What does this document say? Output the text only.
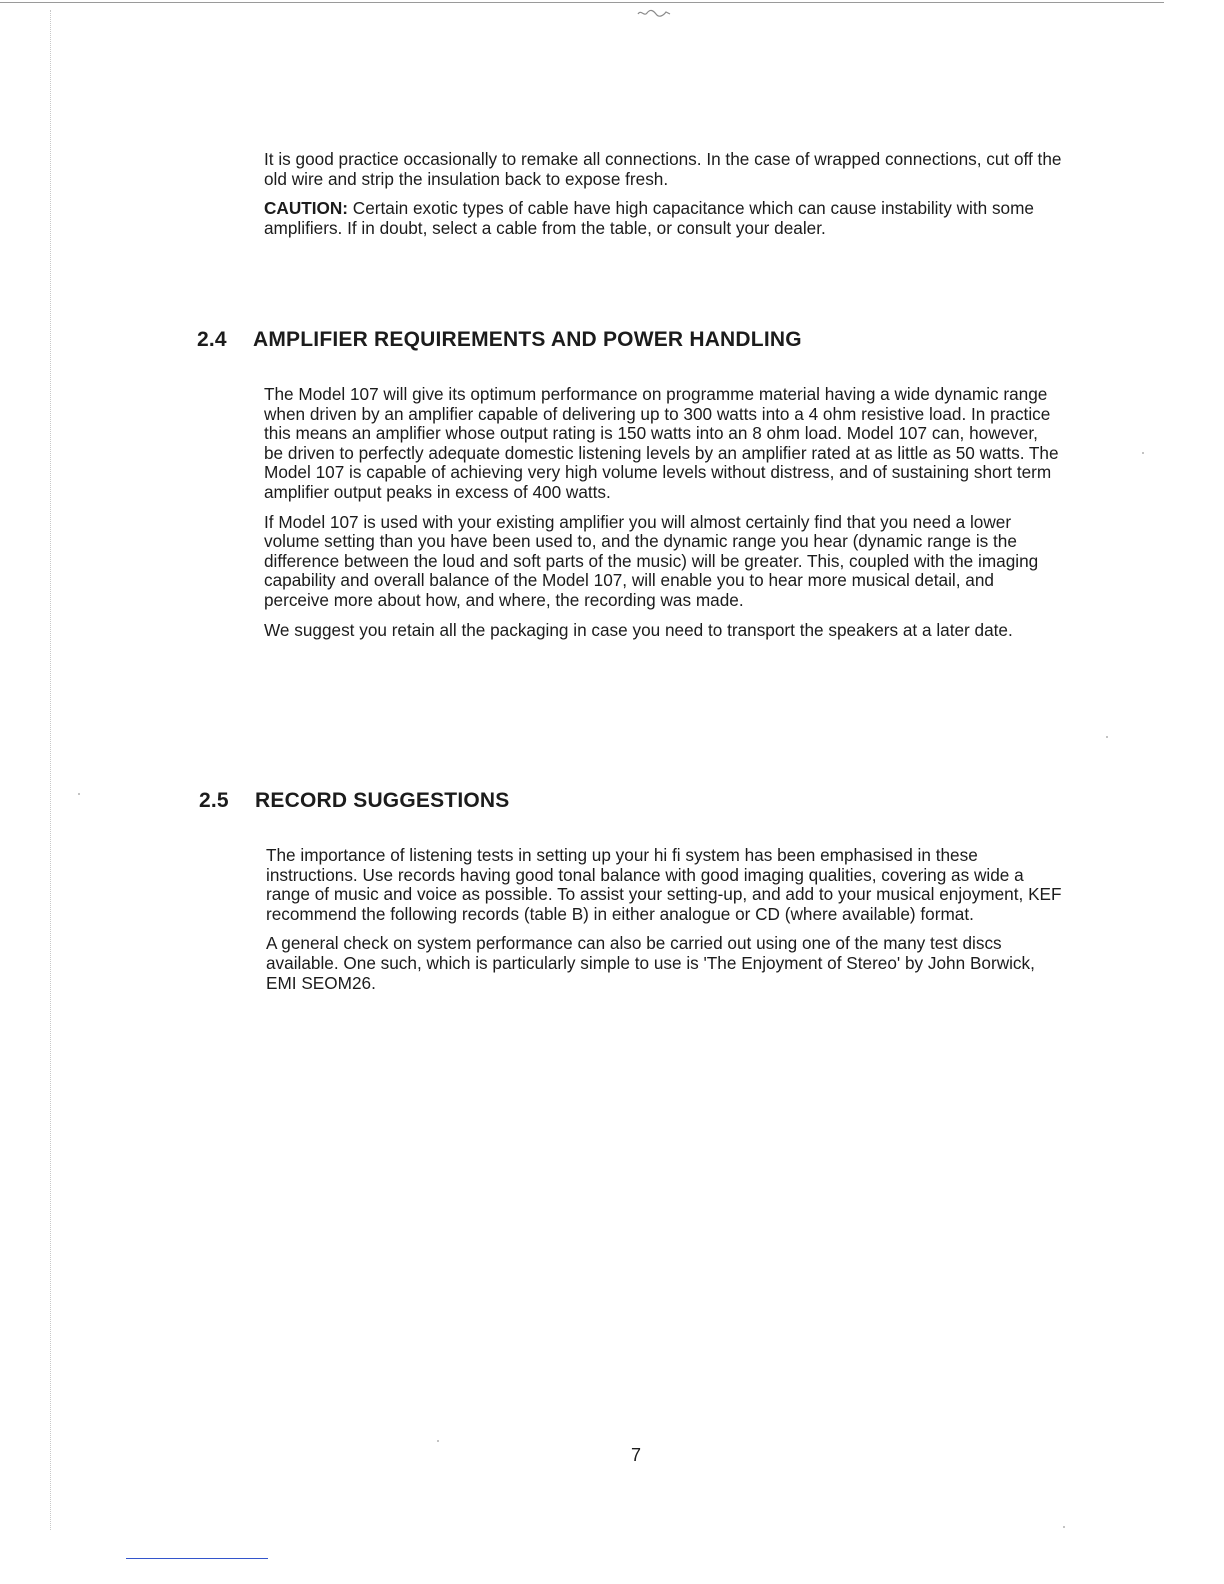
It is good practice occasionally to remake all connections. In the case of wrapped connections, cut off the old wire and strip the insulation back to expose fresh.

CAUTION: Certain exotic types of cable have high capacitance which can cause instability with some amplifiers. If in doubt, select a cable from the table, or consult your dealer.

2.4 AMPLIFIER REQUIREMENTS AND POWER HANDLING

The Model 107 will give its optimum performance on programme material having a wide dynamic range when driven by an amplifier capable of delivering up to 300 watts into a 4 ohm resistive load. In practice this means an amplifier whose output rating is 150 watts into an 8 ohm load. Model 107 can, however, be driven to perfectly adequate domestic listening levels by an amplifier rated at as little as 50 watts. The Model 107 is capable of achieving very high volume levels without distress, and of sustaining short term amplifier output peaks in excess of 400 watts.

If Model 107 is used with your existing amplifier you will almost certainly find that you need a lower volume setting than you have been used to, and the dynamic range you hear (dynamic range is the difference between the loud and soft parts of the music) will be greater. This, coupled with the imaging capability and overall balance of the Model 107, will enable you to hear more musical detail, and perceive more about how, and where, the recording was made.

We suggest you retain all the packaging in case you need to transport the speakers at a later date.

2.5 RECORD SUGGESTIONS

The importance of listening tests in setting up your hi fi system has been emphasised in these instructions. Use records having good tonal balance with good imaging qualities, covering as wide a range of music and voice as possible. To assist your setting-up, and add to your musical enjoyment, KEF recommend the following records (table B) in either analogue or CD (where available) format.

A general check on system performance can also be carried out using one of the many test discs available. One such, which is particularly simple to use is 'The Enjoyment of Stereo' by John Borwick, EMI SEOM26.

7
